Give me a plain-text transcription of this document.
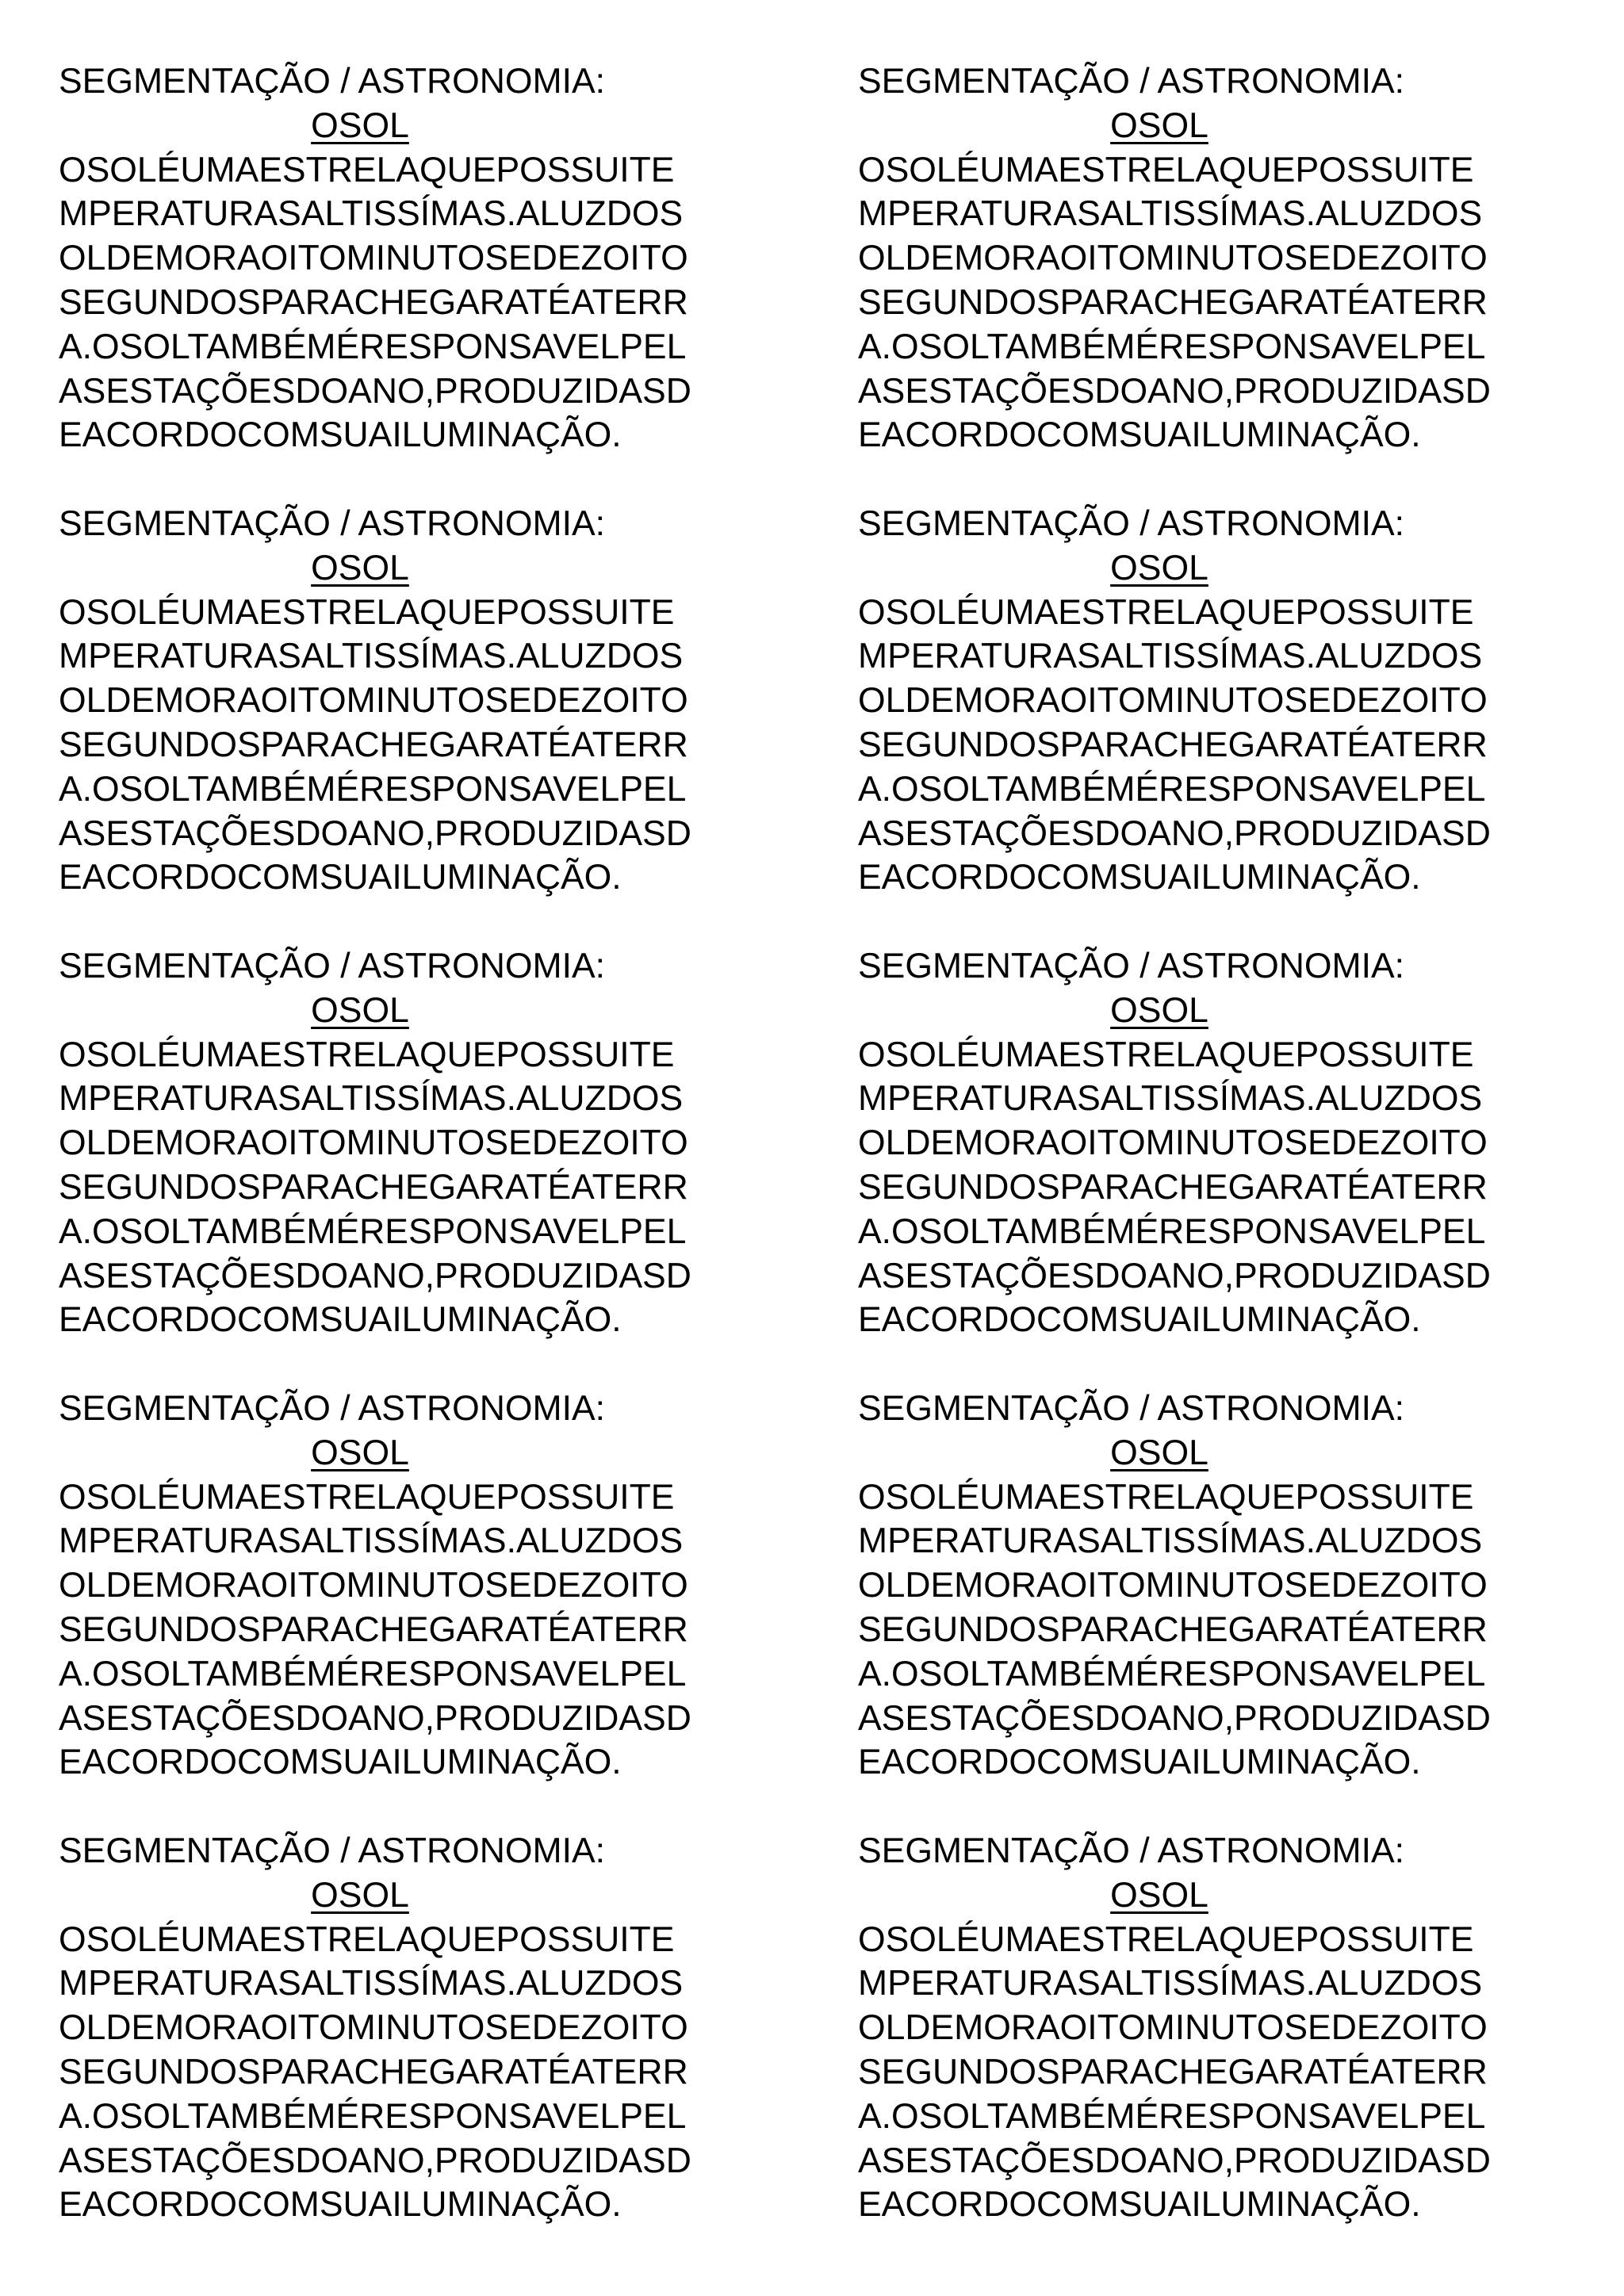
SEGMENTAÇÃO / ASTRONOMIA:
OSOL
OSOLÉUMAESTRELAQUEPOSSUITE
MPERATURASALTISSÍMAS.ALUZDOS
OLDEMORAOITOMINUTOSEDEZOITO
SEGUNDOSPARACHEGARATÉATERR
A.OSOLTAMBÉMÉRESPONSAVELPEL
ASESTAÇÕESDOANO,PRODUZIDASD
EACORDOCOMSUAILUMINAÇÃO.
SEGMENTAÇÃO / ASTRONOMIA:
OSOL
OSOLÉUMAESTRELAQUEPOSSUITE
MPERATURASALTISSÍMAS.ALUZDOS
OLDEMORAOITOMINUTOSEDEZOITO
SEGUNDOSPARACHEGARATÉATERR
A.OSOLTAMBÉMÉRESPONSAVELPEL
ASESTAÇÕESDOANO,PRODUZIDASD
EACORDOCOMSUAILUMINAÇÃO.
SEGMENTAÇÃO / ASTRONOMIA:
OSOL
OSOLÉUMAESTRELAQUEPOSSUITE
MPERATURASALTISSÍMAS.ALUZDOS
OLDEMORAOITOMINUTOSEDEZOITO
SEGUNDOSPARACHEGARATÉATERR
A.OSOLTAMBÉMÉRESPONSAVELPEL
ASESTAÇÕESDOANO,PRODUZIDASD
EACORDOCOMSUAILUMINAÇÃO.
SEGMENTAÇÃO / ASTRONOMIA:
OSOL
OSOLÉUMAESTRELAQUEPOSSUITE
MPERATURASALTISSÍMAS.ALUZDOS
OLDEMORAOITOMINUTOSEDEZOITO
SEGUNDOSPARACHEGARATÉATERR
A.OSOLTAMBÉMÉRESPONSAVELPEL
ASESTAÇÕESDOANO,PRODUZIDASD
EACORDOCOMSUAILUMINAÇÃO.
SEGMENTAÇÃO / ASTRONOMIA:
OSOL
OSOLÉUMAESTRELAQUEPOSSUITE
MPERATURASALTISSÍMAS.ALUZDOS
OLDEMORAOITOMINUTOSEDEZOITO
SEGUNDOSPARACHEGARATÉATERR
A.OSOLTAMBÉMÉRESPONSAVELPEL
ASESTAÇÕESDOANO,PRODUZIDASD
EACORDOCOMSUAILUMINAÇÃO.
SEGMENTAÇÃO / ASTRONOMIA:
OSOL
OSOLÉUMAESTRELAQUEPOSSUITE
MPERATURASALTISSÍMAS.ALUZDOS
OLDEMORAOITOMINUTOSEDEZOITO
SEGUNDOSPARACHEGARATÉATERR
A.OSOLTAMBÉMÉRESPONSAVELPEL
ASESTAÇÕESDOANO,PRODUZIDASD
EACORDOCOMSUAILUMINAÇÃO.
SEGMENTAÇÃO / ASTRONOMIA:
OSOL
OSOLÉUMAESTRELAQUEPOSSUITE
MPERATURASALTISSÍMAS.ALUZDOS
OLDEMORAOITOMINUTOSEDEZOITO
SEGUNDOSPARACHEGARATÉATERR
A.OSOLTAMBÉMÉRESPONSAVELPEL
ASESTAÇÕESDOANO,PRODUZIDASD
EACORDOCOMSUAILUMINAÇÃO.
SEGMENTAÇÃO / ASTRONOMIA:
OSOL
OSOLÉUMAESTRELAQUEPOSSUITE
MPERATURASALTISSÍMAS.ALUZDOS
OLDEMORAOITOMINUTOSEDEZOITO
SEGUNDOSPARACHEGARATÉATERR
A.OSOLTAMBÉMÉRESPONSAVELPEL
ASESTAÇÕESDOANO,PRODUZIDASD
EACORDOCOMSUAILUMINAÇÃO.
SEGMENTAÇÃO / ASTRONOMIA:
OSOL
OSOLÉUMAESTRELAQUEPOSSUITE
MPERATURASALTISSÍMAS.ALUZDOS
OLDEMORAOITOMINUTOSEDEZOITO
SEGUNDOSPARACHEGARATÉATERR
A.OSOLTAMBÉMÉRESPONSAVELPEL
ASESTAÇÕESDOANO,PRODUZIDASD
EACORDOCOMSUAILUMINAÇÃO.
SEGMENTAÇÃO / ASTRONOMIA:
OSOL
OSOLÉUMAESTRELAQUEPOSSUITE
MPERATURASALTISSÍMAS.ALUZDOS
OLDEMORAOITOMINUTOSEDEZOITO
SEGUNDOSPARACHEGARATÉATERR
A.OSOLTAMBÉMÉRESPONSAVELPEL
ASESTAÇÕESDOANO,PRODUZIDASD
EACORDOCOMSUAILUMINAÇÃO.
